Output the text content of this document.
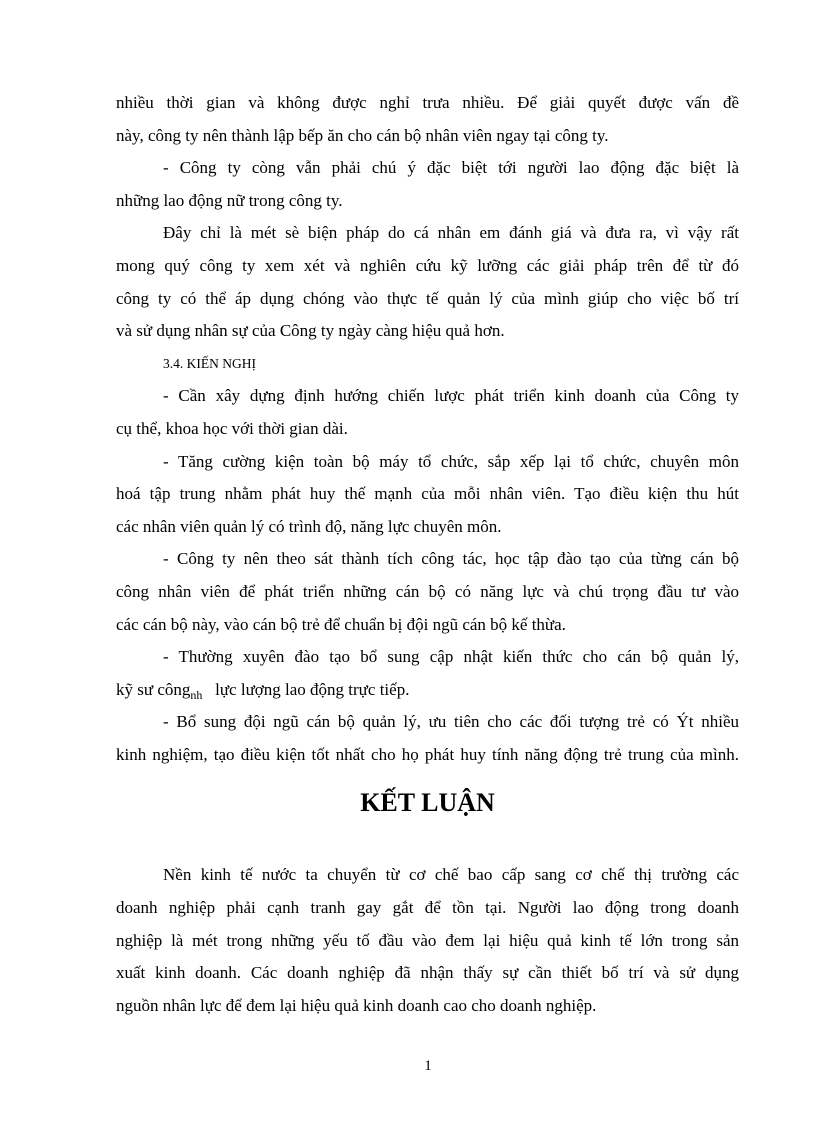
nhiều thời gian và không được nghỉ trưa nhiều. Để giải quyết được vấn đề
này, công ty nên thành lập bếp ăn cho cán bộ nhân viên ngay tại công ty.
- Công ty còng vẫn phải chú ý đặc biệt tới người lao động đặc biệt là
những lao động nữ trong công ty.
Đây chỉ là mét sè biện pháp do cá nhân em đánh giá và đưa ra, vì vậy rất
mong quý công ty xem xét và nghiên cứu kỹ lưỡng các giải pháp trên để từ đó
công ty có thể áp dụng chóng vào thực tế quản lý của mình giúp cho việc bố trí
và sử dụng nhân sự của Công ty ngày càng hiệu quả hơn.
3.4. KIẾN NGHỊ
- Cần xây dựng định hướng chiến lược phát triển kinh doanh của Công ty
cụ thể, khoa học với thời gian dài.
- Tăng cường kiện toàn bộ máy tổ chức, sắp xếp lại tổ chức, chuyên môn
hoá tập trung nhằm phát huy thế mạnh của mỗi nhân viên. Tạo điều kiện thu hút
các nhân viên quản lý có trình độ, năng lực chuyên môn.
- Công ty nên theo sát thành tích công tác, học tập đào tạo của từng cán bộ
công nhân viên để phát triển những cán bộ có năng lực và chú trọng đầu tư vào
các cán bộ này, vào cán bộ trẻ để chuẩn bị đội ngũ cán bộ kế thừa.
- Thường xuyên đào tạo bổ sung cập nhật kiến thức cho cán bộ quản lý,
kỹ sư công$_{nh}$ lực lượng lao động trực tiếp.
- Bổ sung đội ngũ cán bộ quản lý, ưu tiên cho các đối tượng trẻ có Ýt nhiều
kinh nghiệm, tạo điều kiện tốt nhất cho họ phát huy tính năng động trẻ trung của mình.
KẾT LUẬN
Nền kinh tế nước ta chuyển từ cơ chế bao cấp sang cơ chế thị trường các
doanh nghiệp phải cạnh tranh gay gắt để tồn tại. Người lao động trong doanh
nghiệp là mét trong những yếu tố đầu vào đem lại hiệu quả kinh tế lớn trong sản
xuất kinh doanh. Các doanh nghiệp đã nhận thấy sự cần thiết bố trí và sử dụng
nguồn nhân lực để đem lại hiệu quả kinh doanh cao cho doanh nghiệp.
1
